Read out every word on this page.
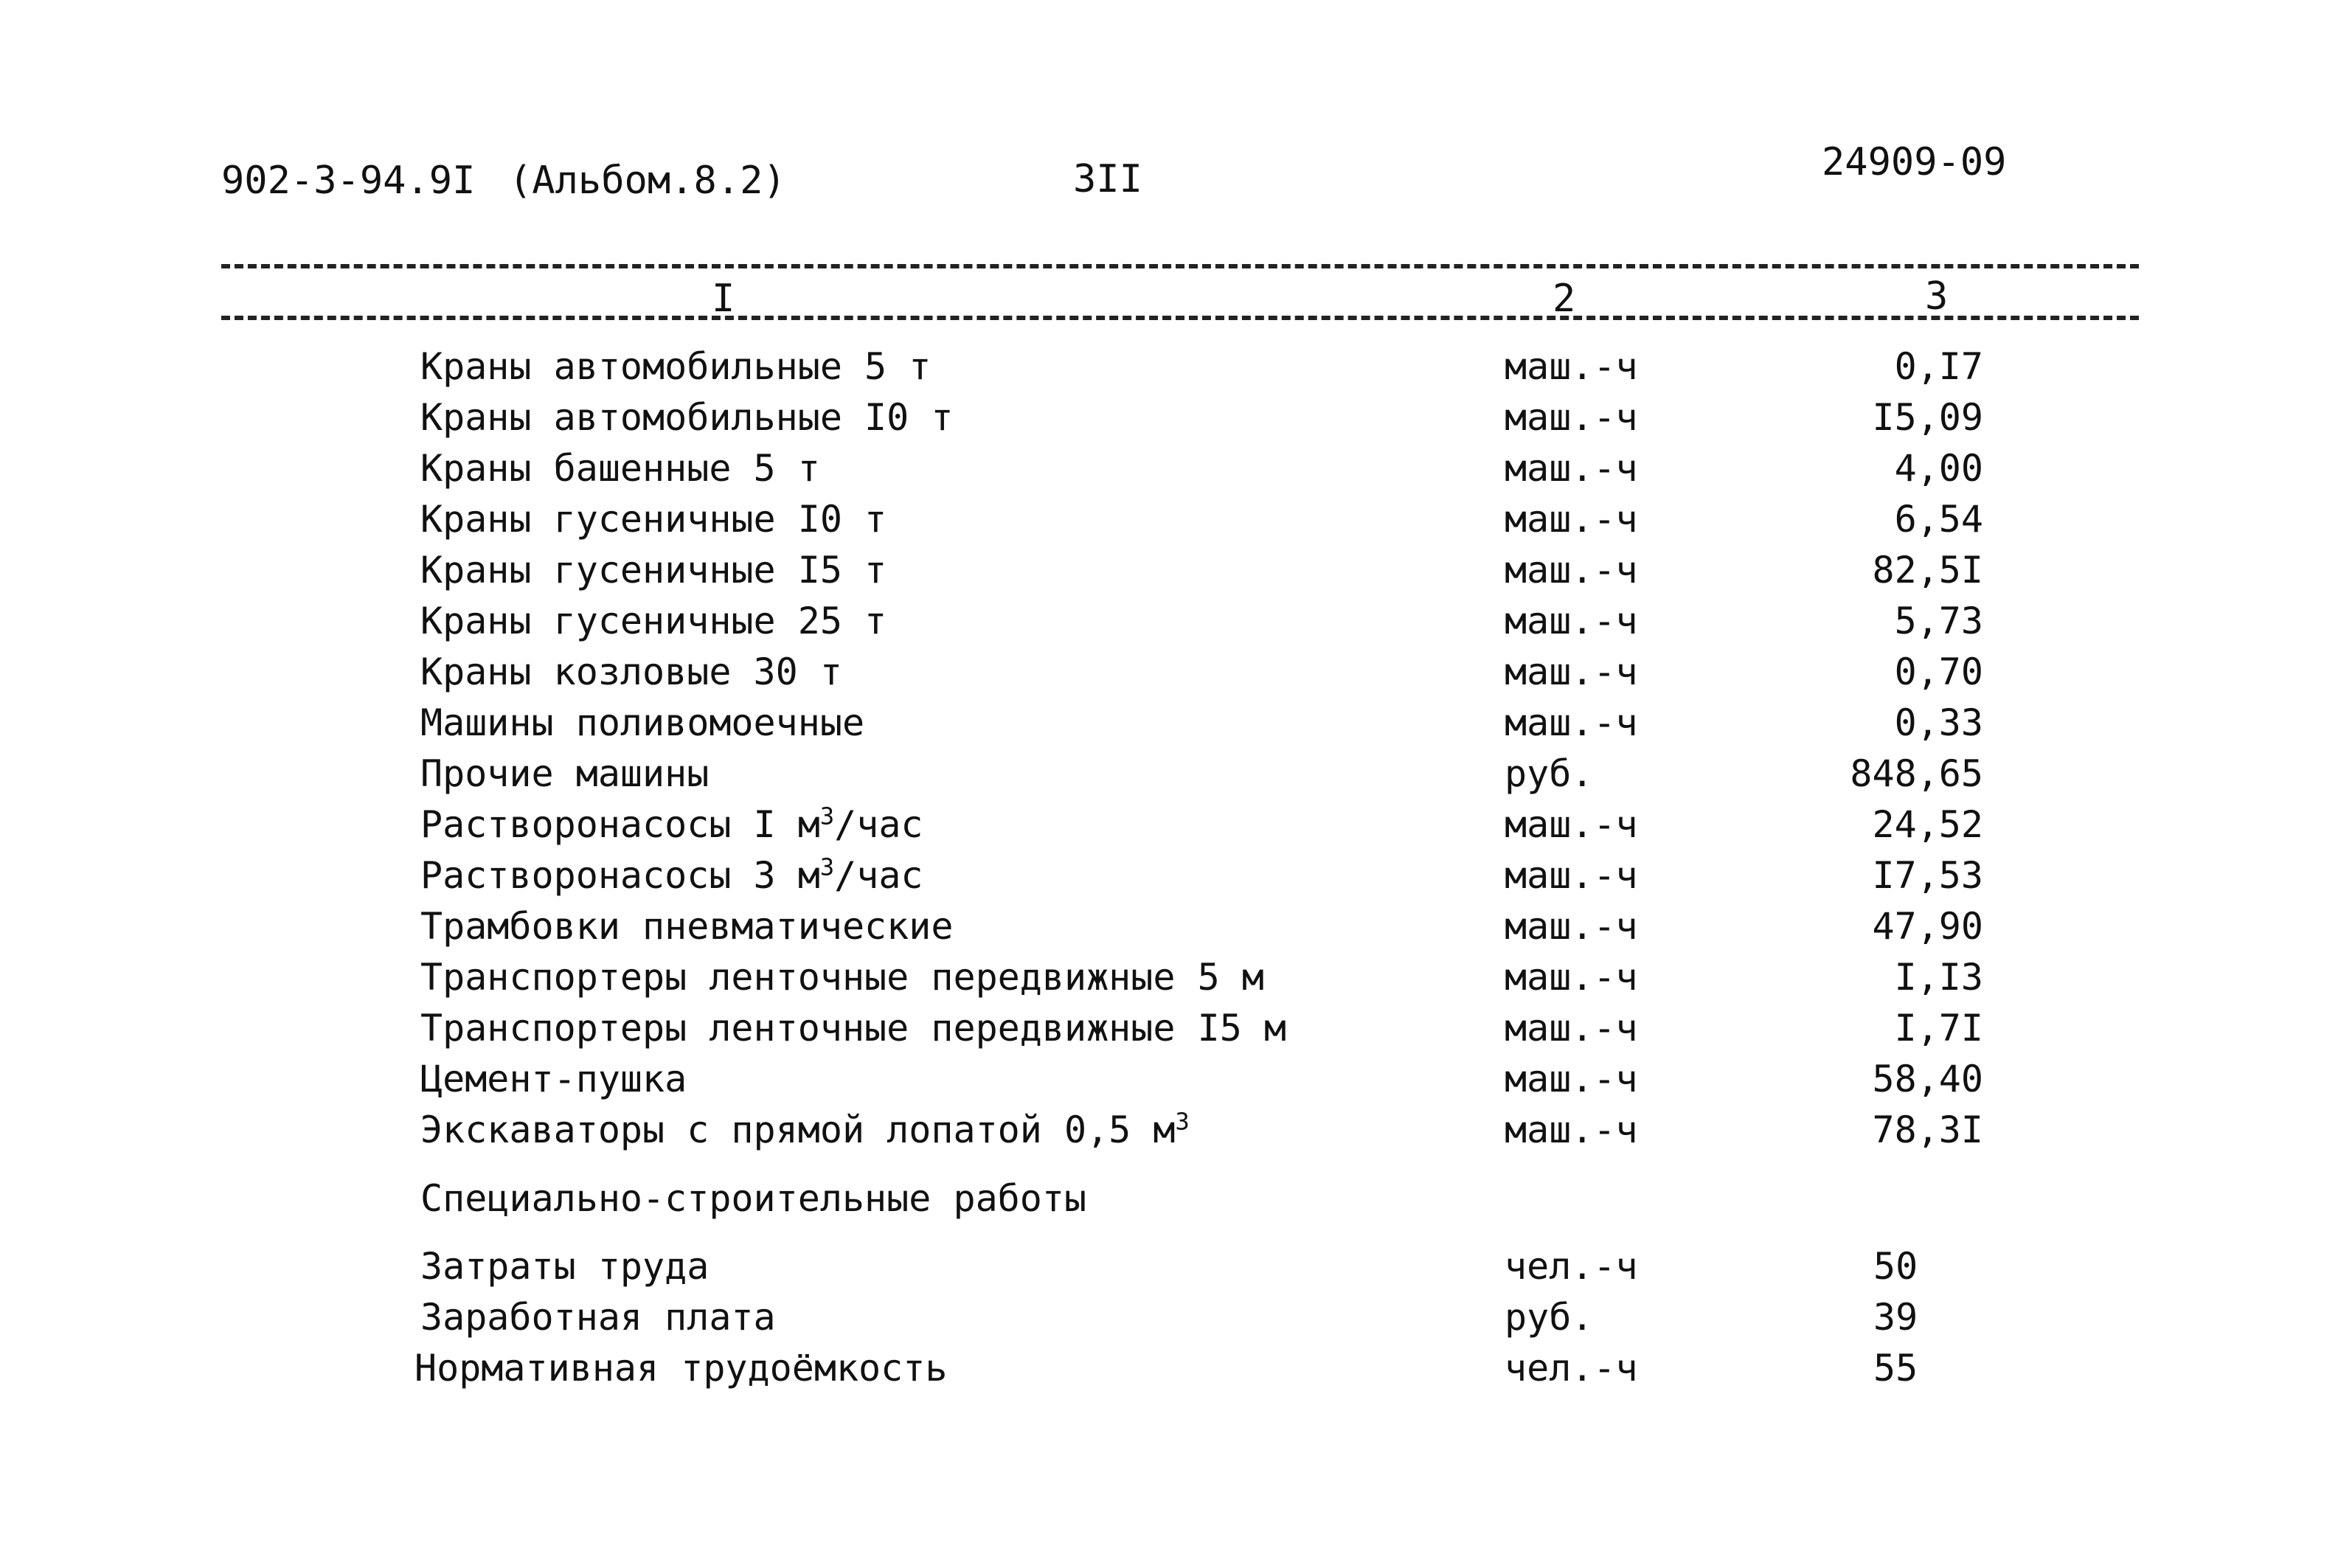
902-3-94.9I (Альбом.8.2)	3II	24909-09
I	2	3
Краны автомобильные 5 т	маш.-ч	0,I7
Краны автомобильные I0 т	маш.-ч	I5,09
Краны башенные 5 т	маш.-ч	4,00
Краны гусеничные I0 т	маш.-ч	6,54
Краны гусеничные I5 т	маш.-ч	82,5I
Краны гусеничные 25 т	маш.-ч	5,73
Краны козловые 30 т	маш.-ч	0,70
Машины поливомоечные	маш.-ч	0,33
Прочие машины	руб.	848,65
Растворонасосы I $м^3$/час	маш.-ч	24,52
Растворонасосы 3 $м^3$/час	маш.-ч	I7,53
Трамбовки пневматические	маш.-ч	47,90
Транспортеры ленточные передвижные 5 м	маш.-ч	I,I3
Транспортеры ленточные передвижные I5 м	маш.-ч	I,7I
Цемент-пушка	маш.-ч	58,40
Экскаваторы с прямой лопатой 0,5 $м^3$	маш.-ч	78,3I
Специально-строительные работы
Затраты труда	чел.-ч	50
Заработная плата	руб.	39
Нормативная трудоёмкость	чел.-ч	55
